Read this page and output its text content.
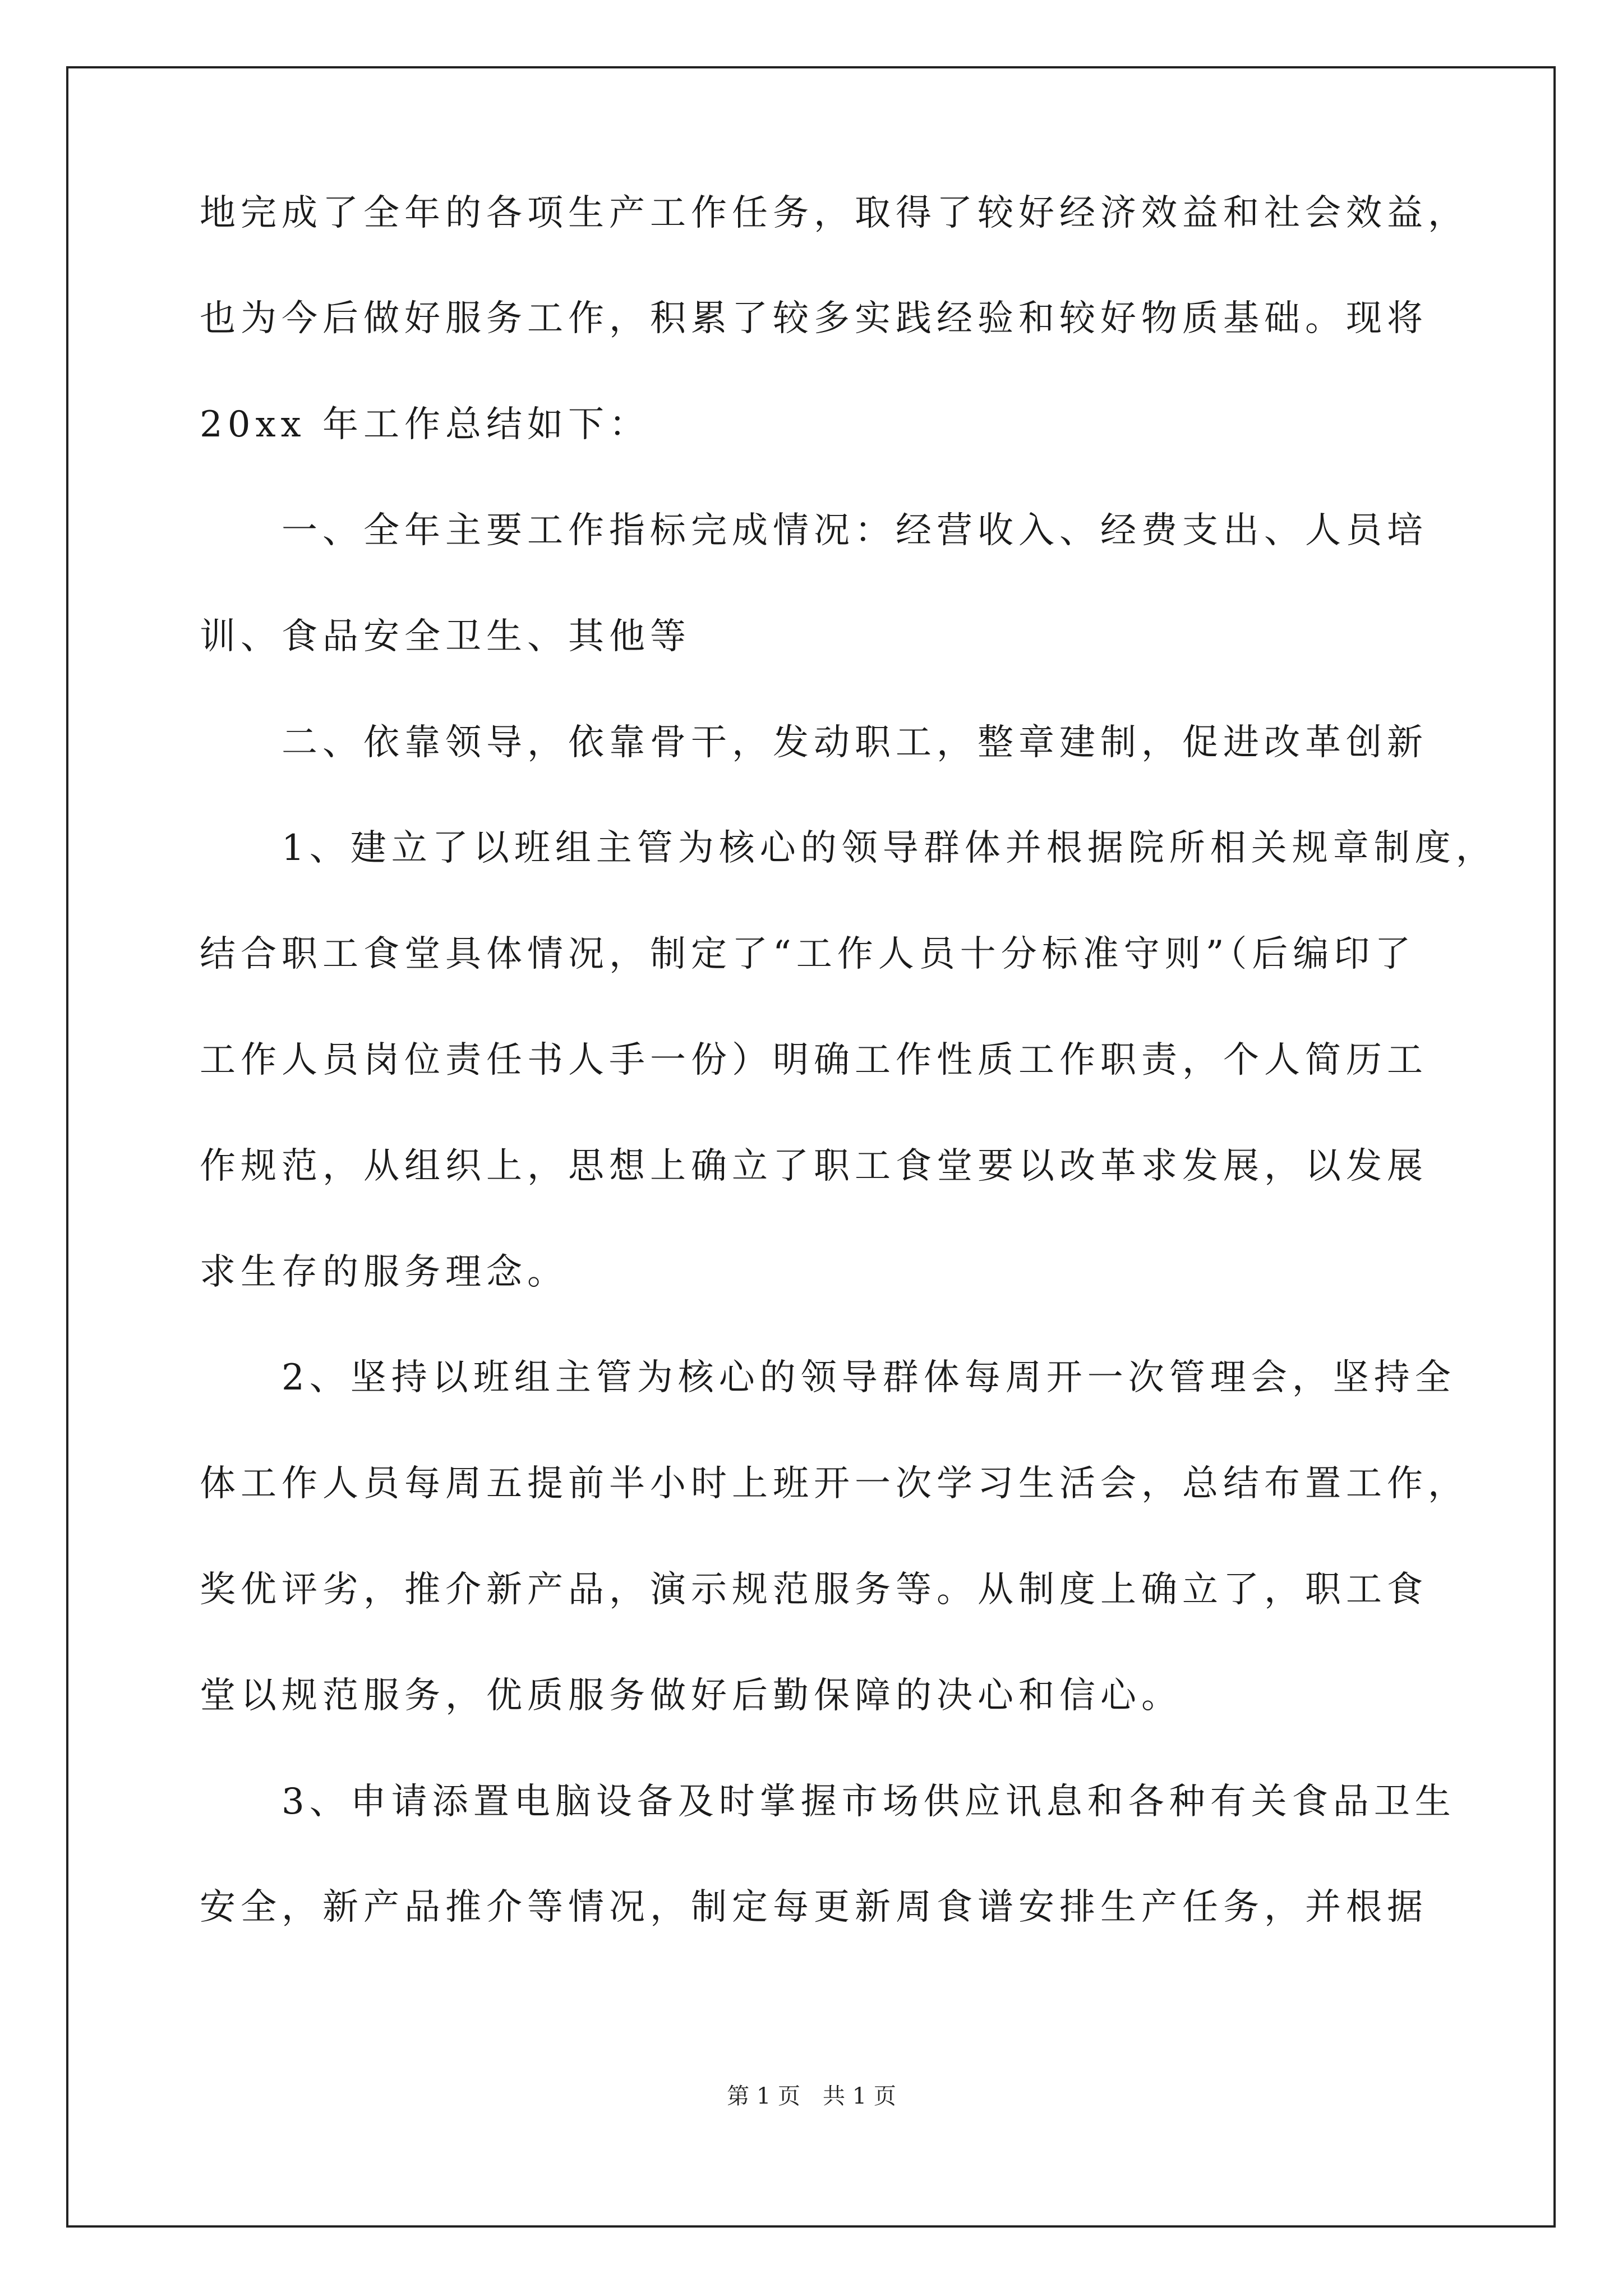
地完成了全年的各项生产工作任务，取得了较好经济效益和社会效益，
也为今后做好服务工作，积累了较多实践经验和较好物质基础。现将
20xx 年工作总结如下：
　　一、全年主要工作指标完成情况：经营收入、经费支出、人员培
训、食品安全卫生、其他等
　　二、依靠领导，依靠骨干，发动职工，整章建制，促进改革创新
　　1、建立了以班组主管为核心的领导群体并根据院所相关规章制度，
结合职工食堂具体情况，制定了“工作人员十分标准守则”（后编印了
工作人员岗位责任书人手一份）明确工作性质工作职责，个人简历工
作规范，从组织上，思想上确立了职工食堂要以改革求发展，以发展
求生存的服务理念。
　　2、坚持以班组主管为核心的领导群体每周开一次管理会，坚持全
体工作人员每周五提前半小时上班开一次学习生活会，总结布置工作，
奖优评劣，推介新产品，演示规范服务等。从制度上确立了，职工食
堂以规范服务，优质服务做好后勤保障的决心和信心。
　　3、申请添置电脑设备及时掌握市场供应讯息和各种有关食品卫生
安全，新产品推介等情况，制定每更新周食谱安排生产任务，并根据
第 1 页　共 1 页
